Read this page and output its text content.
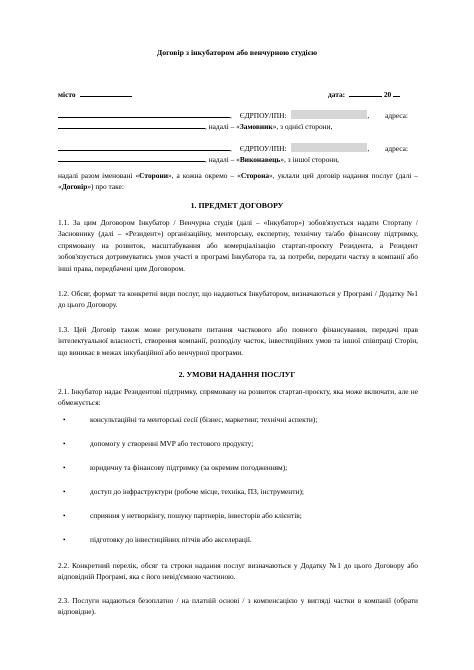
Договір з інкубатором або венчурною студією
місто	дата:	20
, ЄДРПОУ/ІПН:	, адреса:
, надалі – «Замовник», з однієї сторони,
, ЄДРПОУ/ІПН:	, адреса:
, надалі – «Виконавець», з іншої сторони,
надалі разом іменовані «Сторони», а кожна окремо – «Сторона», уклали цей договір надання послуг (далі – «Договір») про таке:
1. ПРЕДМЕТ ДОГОВОРУ
1.1. За цим Договором Інкубатор / Венчурна студія (далі – «Інкубатор») зобов'язується надати Стортапу / Засновнику (далі – «Резидент») організаційну, менторську, експертну, технічну та/або фінансову підтримку, спрямовану на розвиток, масштабування або комерціалізацію стартап-проєкту Резидента, а Резидент зобов'язується дотримуватись умов участі в програмі Інкубатора та, за потреби, передати частку в компанії або інші права, передбачені цим Договором.
1.2. Обсяг, формат та конкретні види послуг, що надаються Інкубатором, визначаються у Програмі / Додатку №1 до цього Договору.
1.3. Цей Договір також може регулювати питання часткового або повного фінансування, передачі прав інтелектуальної власності, створення компанії, розподілу часток, інвестиційних умов та іншої співпраці Сторін, що виникає в межах інкубаційної або венчурної програми.
2. УМОВИ НАДАННЯ ПОСЛУГ
2.1. Інкубатор надає Резидентові підтримку, спрямовану на розвиток стартап-проєкту, яка може включати, але не обмежується:
•	консультаційні та менторські сесії (бізнес, маркетинг, технічні аспекти);
•	допомогу у створенні MVP або тестового продукту;
•	юридичну та фінансову підтримку (за окремим погодженням);
•	доступ до інфраструктури (робоче місце, техніка, ПЗ, інструменти);
•	сприяння у нетворкінгу, пошуку партнерів, інвесторів або клієнтів;
•	підготовку до інвестиційних пітчів або акселерації.
2.2. Конкретний перелік, обсяг та строки надання послуг визначаються у Додатку №1 до цього Договору або відповідній Програмі, яка є його невід'ємною частиною.
2.3. Послуги надаються безоплатно / на платній основі / з компенсацією у вигляді частки в компанії (обрати відповідне).
